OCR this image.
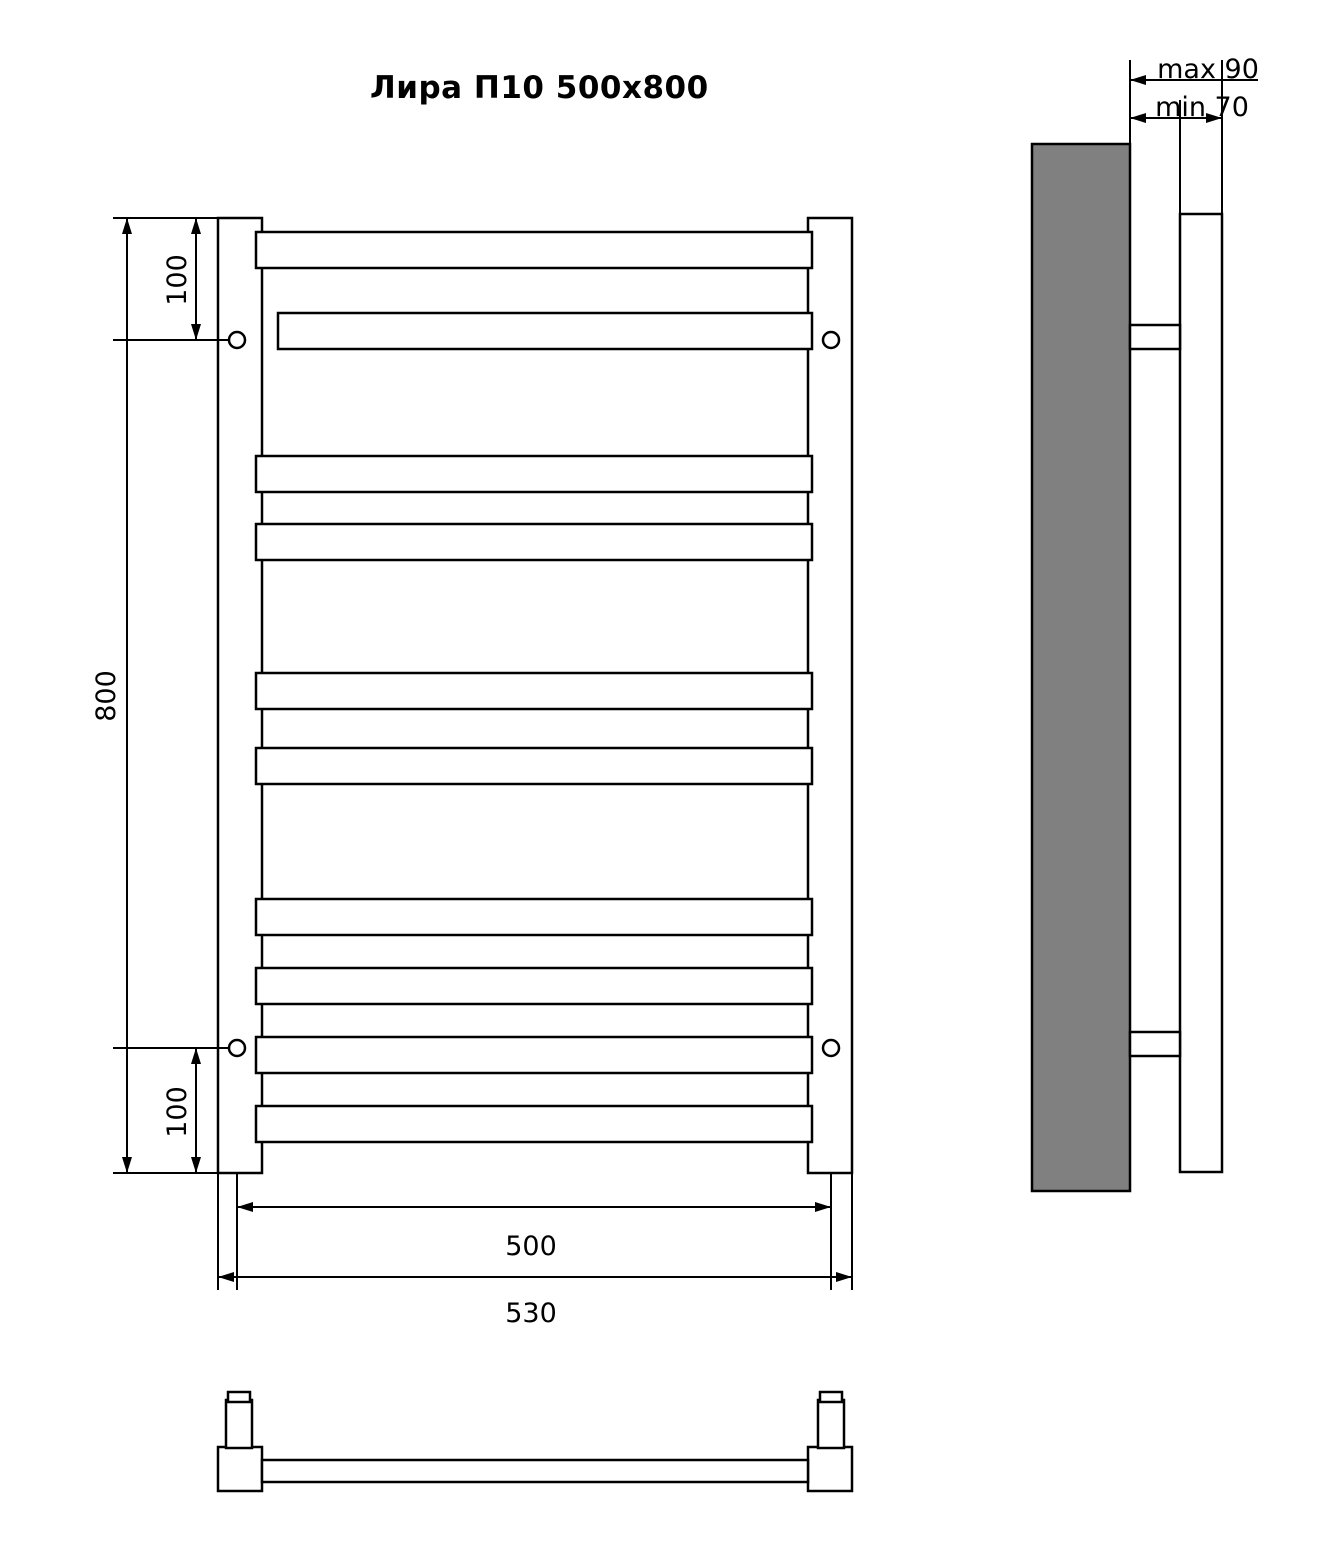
Лира П10 500x800
100
800
100
500
530
max 90
min 70
